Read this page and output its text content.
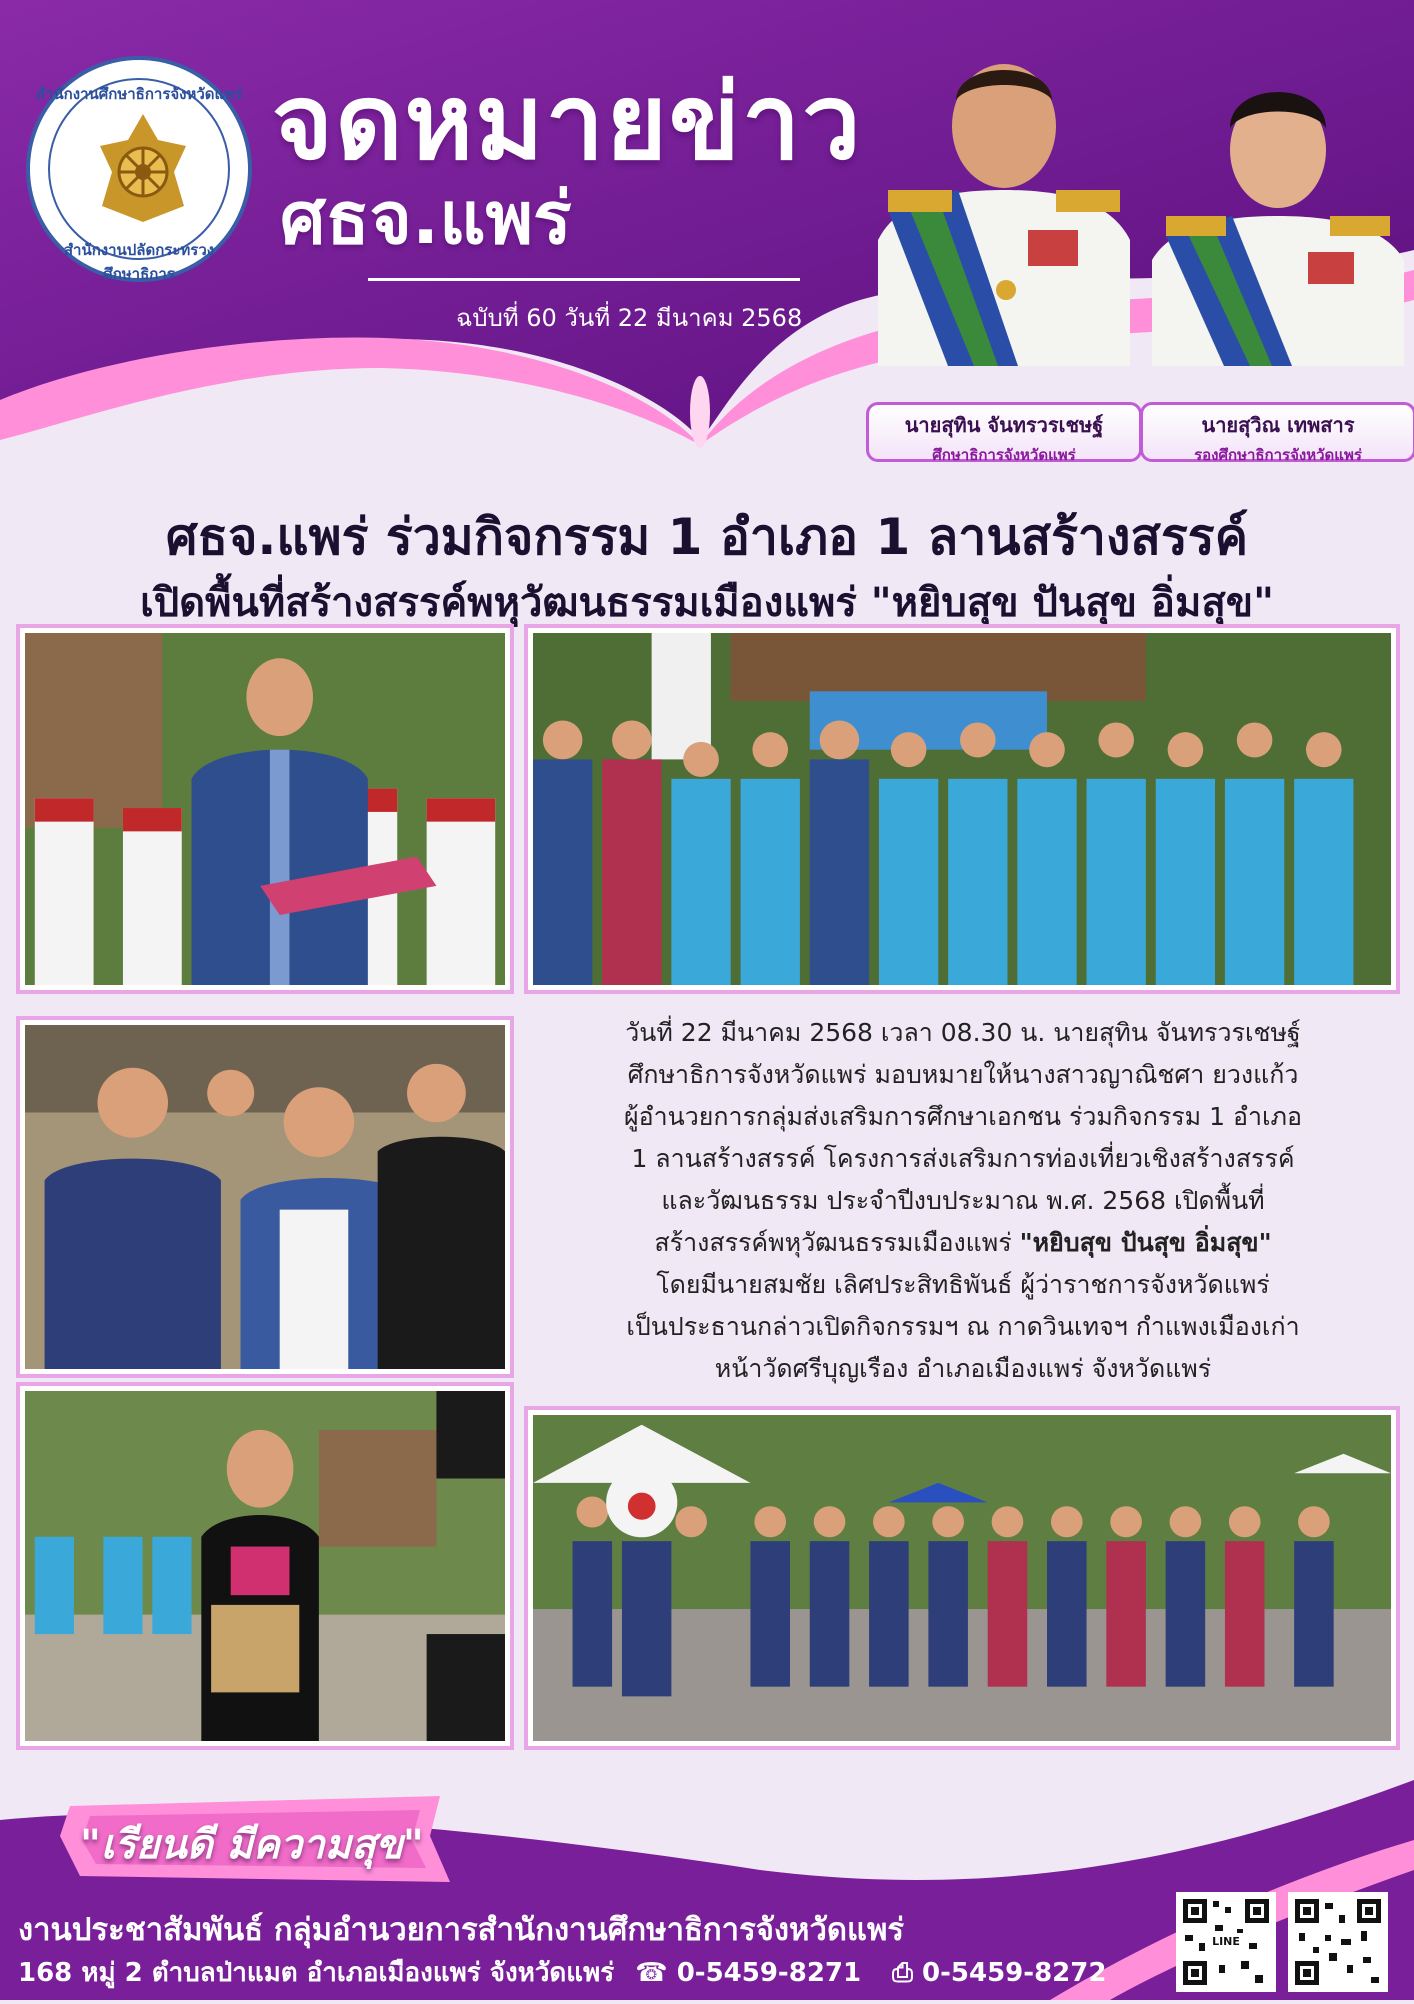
สำนักงานศึกษาธิการจังหวัดแพร่
สำนักงานปลัดกระทรวงศึกษาธิการ
จดหมายข่าว
ศธจ.แพร่
ฉบับที่ 60 วันที่ 22 มีนาคม 2568
นายสุทิน จันทรวรเชษฐ์
ศึกษาธิการจังหวัดแพร่
นายสุวิณ เทพสาร
รองศึกษาธิการจังหวัดแพร่
ศธจ.แพร่ ร่วมกิจกรรม 1 อำเภอ 1 ลานสร้างสรรค์
เปิดพื้นที่สร้างสรรค์พหุวัฒนธรรมเมืองแพร่ "หยิบสุข ปันสุข อิ่มสุข"
วันที่ 22 มีนาคม 2568 เวลา 08.30 น. นายสุทิน จันทรวรเชษฐ์
ศึกษาธิการจังหวัดแพร่ มอบหมายให้นางสาวญาณิชศา ยวงแก้ว
ผู้อำนวยการกลุ่มส่งเสริมการศึกษาเอกชน ร่วมกิจกรรม 1 อำเภอ
1 ลานสร้างสรรค์ โครงการส่งเสริมการท่องเที่ยวเชิงสร้างสรรค์
และวัฒนธรรม ประจำปีงบประมาณ พ.ศ. 2568 เปิดพื้นที่
สร้างสรรค์พหุวัฒนธรรมเมืองแพร่ "หยิบสุข ปันสุข อิ่มสุข"
โดยมีนายสมชัย เลิศประสิทธิพันธ์ ผู้ว่าราชการจังหวัดแพร่
เป็นประธานกล่าวเปิดกิจกรรมฯ ณ กาดวินเทจฯ กำแพงเมืองเก่า
หน้าวัดศรีบุญเรือง อำเภอเมืองแพร่ จังหวัดแพร่
"เรียนดี มีความสุข"
งานประชาสัมพันธ์ กลุ่มอำนวยการสำนักงานศึกษาธิการจังหวัดแพร่
168 หมู่ 2 ตำบลป่าแมต อำเภอเมืองแพร่ จังหวัดแพร่ ☎ 0-5459-8271 ⎙ 0-5459-8272
LINE
